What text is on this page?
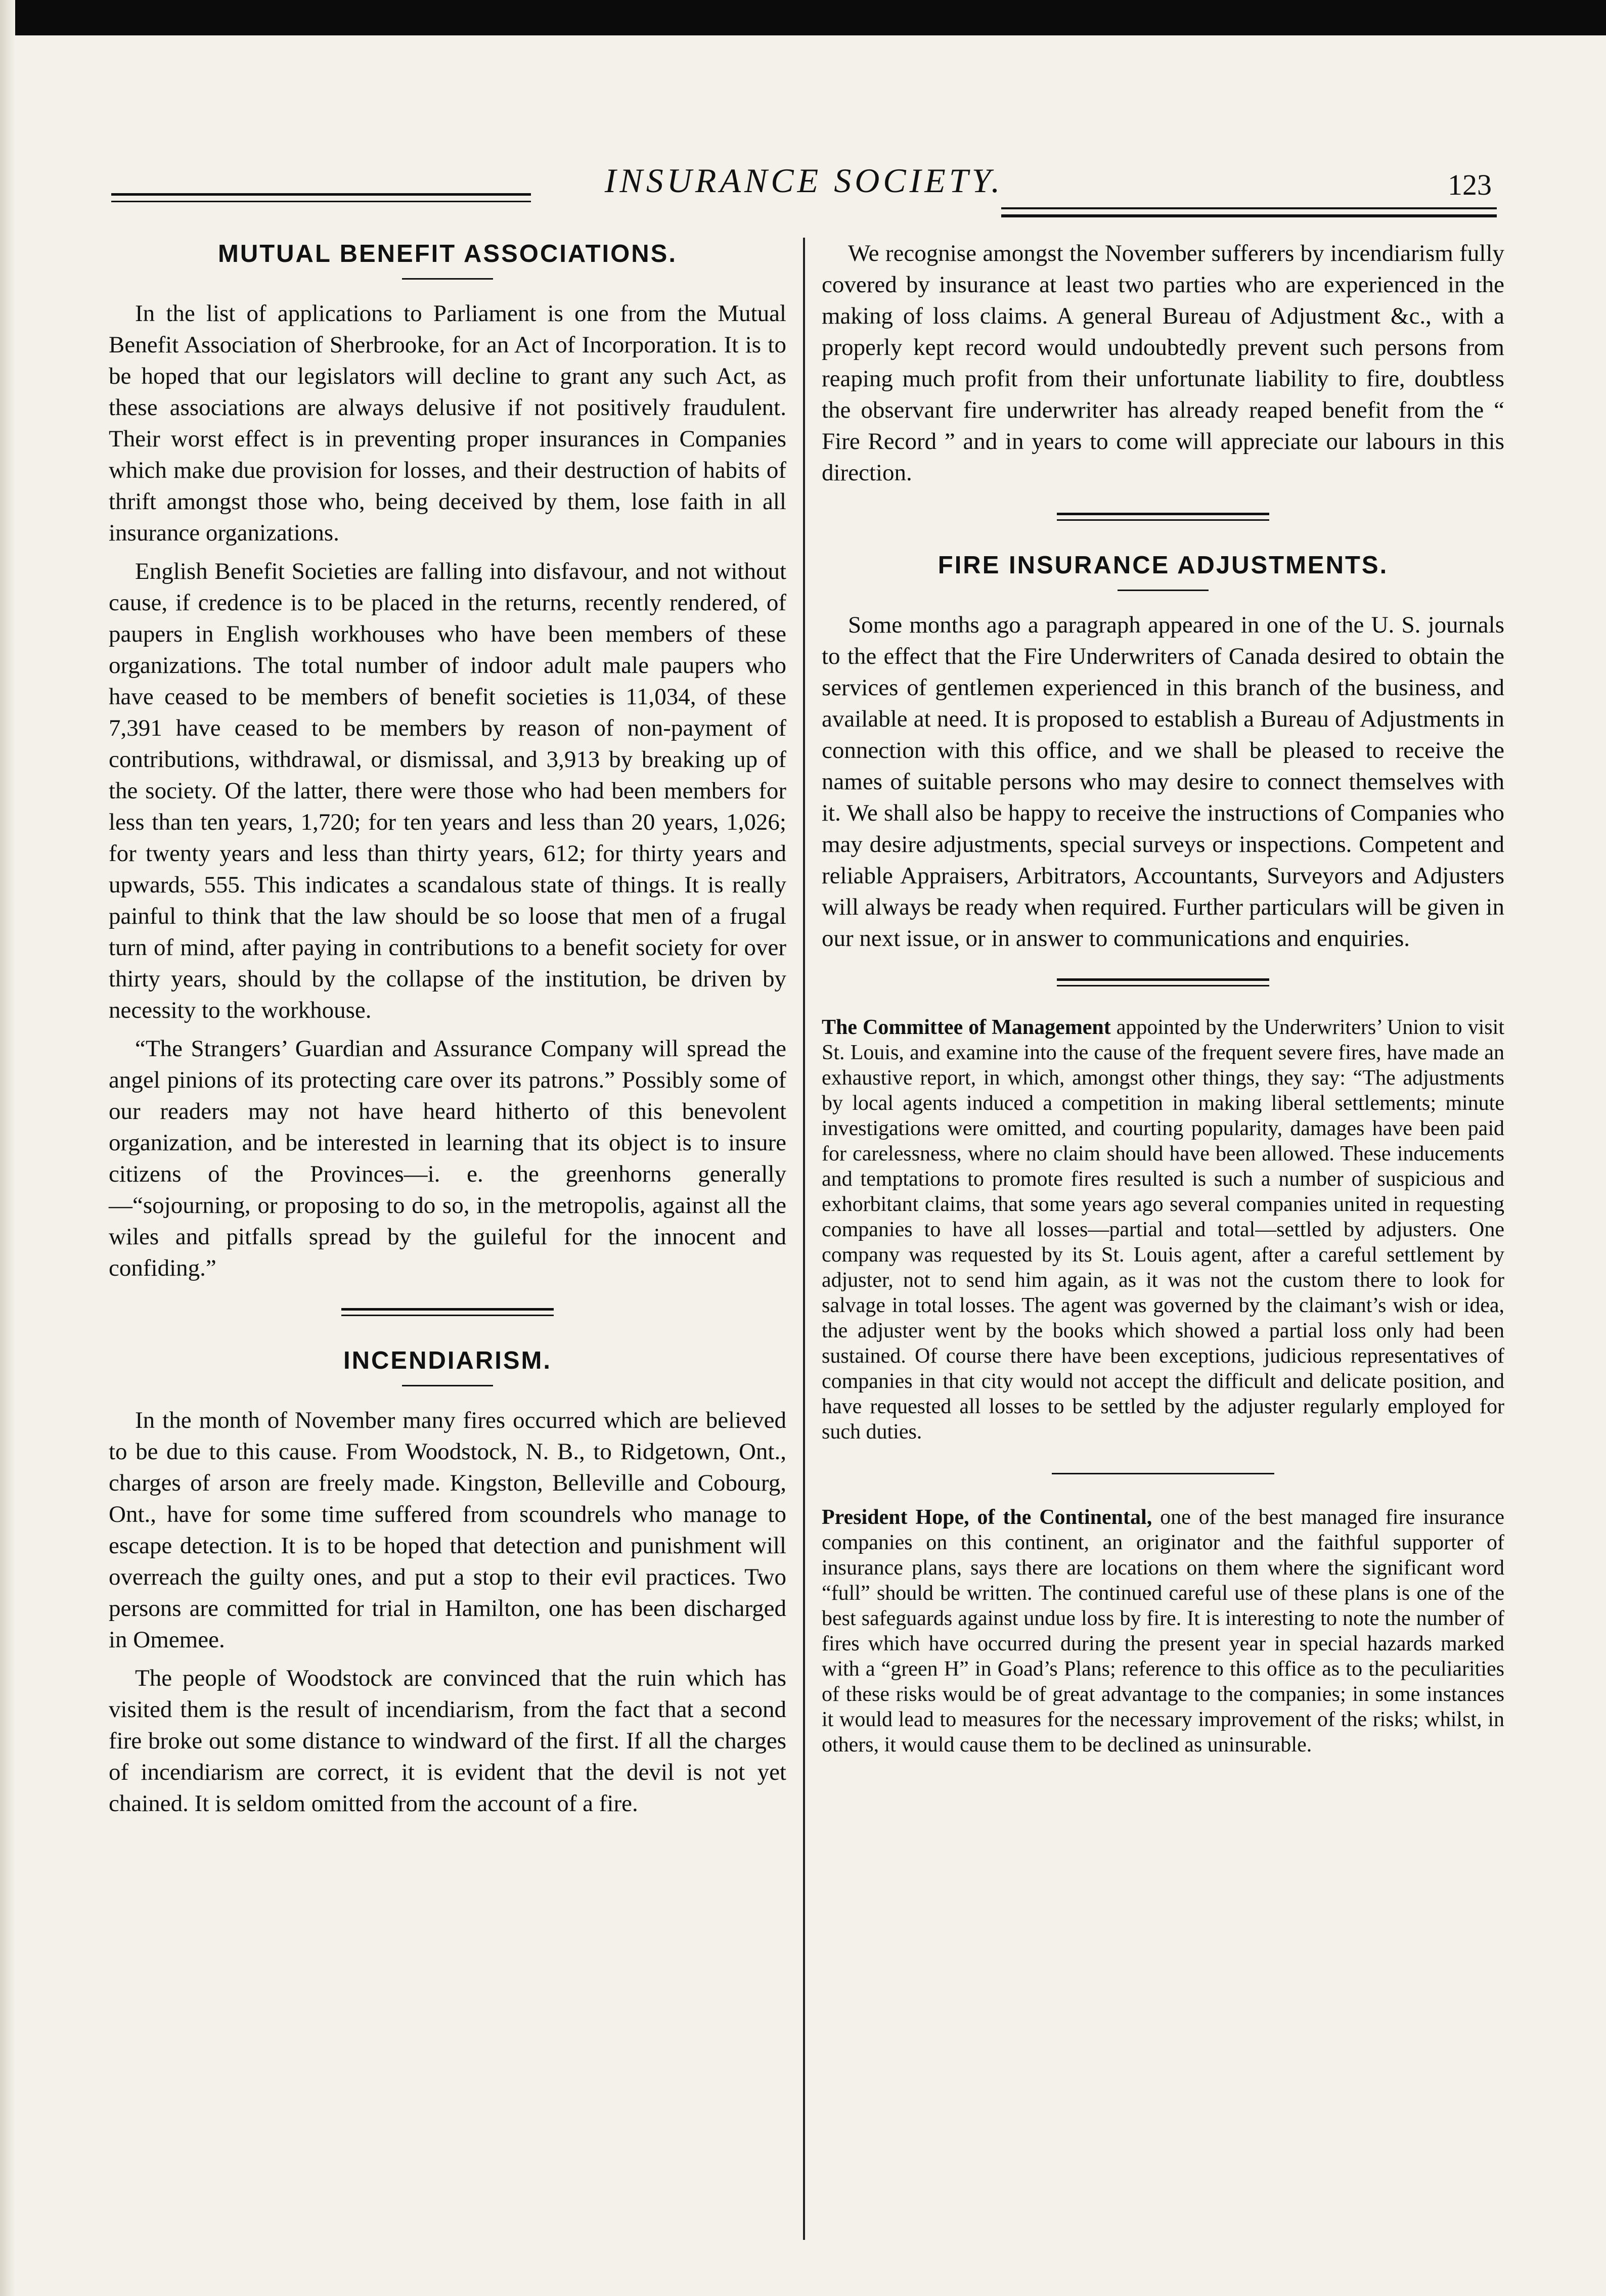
INSURANCE SOCIETY.	123
MUTUAL BENEFIT ASSOCIATIONS.

In the list of applications to Parliament is one from the Mutual Benefit Association of Sherbrooke, for an Act of Incorporation. It is to be hoped that our legislators will decline to grant any such Act, as these associations are always delusive if not positively fraudulent. Their worst effect is in preventing proper insurances in Companies which make due provision for losses, and their destruction of habits of thrift amongst those who, being deceived by them, lose faith in all insurance organizations.

English Benefit Societies are falling into disfavour, and not without cause, if credence is to be placed in the returns, recently rendered, of paupers in English workhouses who have been members of these organizations. The total number of indoor adult male paupers who have ceased to be members of benefit societies is 11,034, of these 7,391 have ceased to be members by reason of non-payment of contributions, withdrawal, or dismissal, and 3,913 by breaking up of the society. Of the latter, there were those who had been members for less than ten years, 1,720; for ten years and less than 20 years, 1,026; for twenty years and less than thirty years, 612; for thirty years and upwards, 555. This indicates a scandalous state of things. It is really painful to think that the law should be so loose that men of a frugal turn of mind, after paying in contributions to a benefit society for over thirty years, should by the collapse of the institution, be driven by necessity to the workhouse.

“The Strangers’ Guardian and Assurance Company will spread the angel pinions of its protecting care over its patrons.” Possibly some of our readers may not have heard hitherto of this benevolent organization, and be interested in learning that its object is to insure citizens of the Provinces—i. e. the greenhorns generally —“sojourning, or proposing to do so, in the metropolis, against all the wiles and pitfalls spread by the guileful for the innocent and confiding.”

INCENDIARISM.

In the month of November many fires occurred which are believed to be due to this cause. From Woodstock, N. B., to Ridgetown, Ont., charges of arson are freely made. Kingston, Belleville and Cobourg, Ont., have for some time suffered from scoundrels who manage to escape detection. It is to be hoped that detection and punishment will overreach the guilty ones, and put a stop to their evil practices. Two persons are committed for trial in Hamilton, one has been discharged in Omemee.

The people of Woodstock are convinced that the ruin which has visited them is the result of incendiarism, from the fact that a second fire broke out some distance to windward of the first. If all the charges of incendiarism are correct, it is evident that the devil is not yet chained. It is seldom omitted from the account of a fire.

We recognise amongst the November sufferers by incendiarism fully covered by insurance at least two parties who are experienced in the making of loss claims. A general Bureau of Adjustment &c., with a properly kept record would undoubtedly prevent such persons from reaping much profit from their unfortunate liability to fire, doubtless the observant fire underwriter has already reaped benefit from the “ Fire Record ” and in years to come will appreciate our labours in this direction.

FIRE INSURANCE ADJUSTMENTS.

Some months ago a paragraph appeared in one of the U. S. journals to the effect that the Fire Underwriters of Canada desired to obtain the services of gentlemen experienced in this branch of the business, and available at need. It is proposed to establish a Bureau of Adjustments in connection with this office, and we shall be pleased to receive the names of suitable persons who may desire to connect themselves with it. We shall also be happy to receive the instructions of Companies who may desire adjustments, special surveys or inspections. Competent and reliable Appraisers, Arbitrators, Accountants, Surveyors and Adjusters will always be ready when required. Further particulars will be given in our next issue, or in answer to communications and enquiries.

The Committee of Management appointed by the Underwriters’ Union to visit St. Louis, and examine into the cause of the frequent severe fires, have made an exhaustive report, in which, amongst other things, they say: “The adjustments by local agents induced a competition in making liberal settlements; minute investigations were omitted, and courting popularity, damages have been paid for carelessness, where no claim should have been allowed. These inducements and temptations to promote fires resulted is such a number of suspicious and exhorbitant claims, that some years ago several companies united in requesting companies to have all losses—partial and total—settled by adjusters. One company was requested by its St. Louis agent, after a careful settlement by adjuster, not to send him again, as it was not the custom there to look for salvage in total losses. The agent was governed by the claimant’s wish or idea, the adjuster went by the books which showed a partial loss only had been sustained. Of course there have been exceptions, judicious representatives of companies in that city would not accept the difficult and delicate position, and have requested all losses to be settled by the adjuster regularly employed for such duties.

President Hope, of the Continental, one of the best managed fire insurance companies on this continent, an originator and the faithful supporter of insurance plans, says there are locations on them where the significant word “full” should be written. The continued careful use of these plans is one of the best safeguards against undue loss by fire. It is interesting to note the number of fires which have occurred during the present year in special hazards marked with a “green H” in Goad’s Plans; reference to this office as to the peculiarities of these risks would be of great advantage to the companies; in some instances it would lead to measures for the necessary improvement of the risks; whilst, in others, it would cause them to be declined as uninsurable.
